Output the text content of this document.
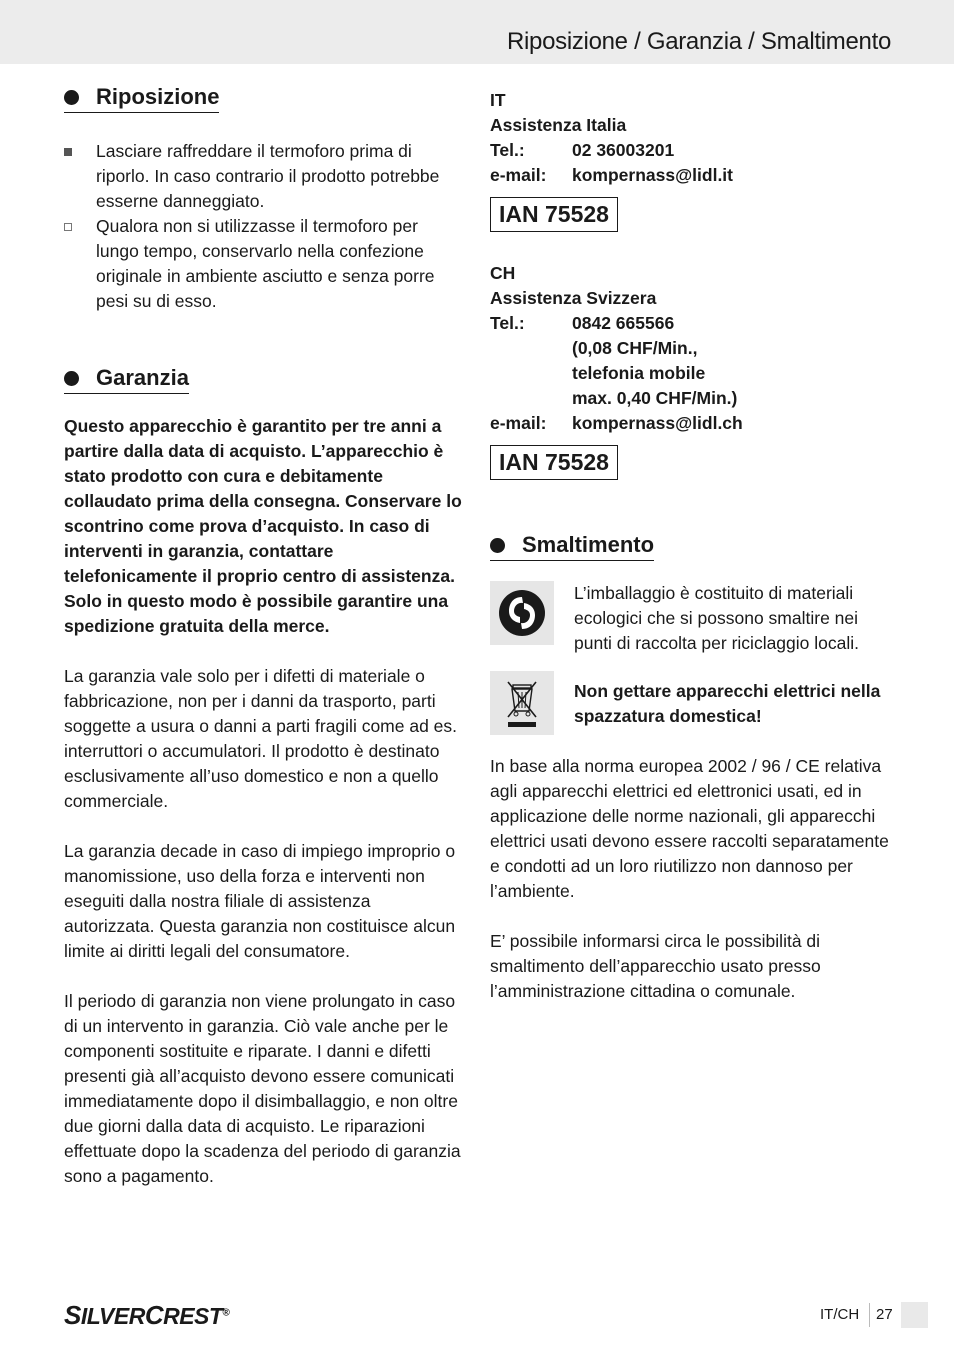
Riposizione / Garanzia / Smaltimento
Riposizione
Lasciare raffreddare il termoforo prima di riporlo. In caso contrario il prodotto potrebbe esserne danneggiato.
Qualora non si utilizzasse il termoforo per lungo tempo, conservarlo nella confezione originale in ambiente asciutto e senza porre pesi su di esso.
Garanzia

Questo apparecchio è garantito per tre anni a partire dalla data di acquisto. L’apparecchio è stato prodotto con cura e debitamente collaudato prima della consegna. Conservare lo scontrino come prova d’acquisto. In caso di interventi in garanzia, contattare telefonicamente il proprio centro di assistenza. Solo in questo modo è possibile garantire una spedizione gratuita della merce.

La garanzia vale solo per i difetti di materiale o fabbricazione, non per i danni da trasporto, parti soggette a usura o danni a parti fragili come ad es. interruttori o accumulatori. Il prodotto è destinato esclusivamente all’uso domestico e non a quello commerciale.

La garanzia decade in caso di impiego improprio o manomissione, uso della forza e interventi non eseguiti dalla nostra filiale di assistenza autorizzata. Questa garanzia non costituisce alcun limite ai diritti legali del consumatore.

Il periodo di garanzia non viene prolungato in caso di un intervento in garanzia. Ciò vale anche per le componenti sostituite e riparate. I danni e difetti presenti già all’acquisto devono essere comunicati immediatamente dopo il disimballaggio, e non oltre due giorni dalla data di acquisto. Le riparazioni effettuate dopo la scadenza del periodo di garanzia sono a pagamento.

IT
Assistenza Italia
Tel.:	02 36003201
e-mail:	kompernass@lidl.it
IAN 75528
CH
Assistenza Svizzera
Tel.:	0842 665566
(0,08 CHF/Min.,
telefonia mobile
max. 0,40 CHF/Min.)
e-mail:	kompernass@lidl.ch
IAN 75528
Smaltimento

L’imballaggio è costituito di materiali ecologici che si possono smaltire nei punti di raccolta per riciclaggio locali.

Non gettare apparecchi elettrici nella spazzatura domestica!

In base alla norma europea 2002 / 96 / CE relativa agli apparecchi elettrici ed elettronici usati, ed in applicazione delle norme nazionali, gli apparecchi elettrici usati devono essere raccolti separatamente e condotti ad un loro riutilizzo non dannoso per l’ambiente.

E’ possibile informarsi circa le possibilità di smaltimento dell’apparecchio usato presso l’amministrazione cittadina o comunale.

SILVERCREST®	IT/CH 27
